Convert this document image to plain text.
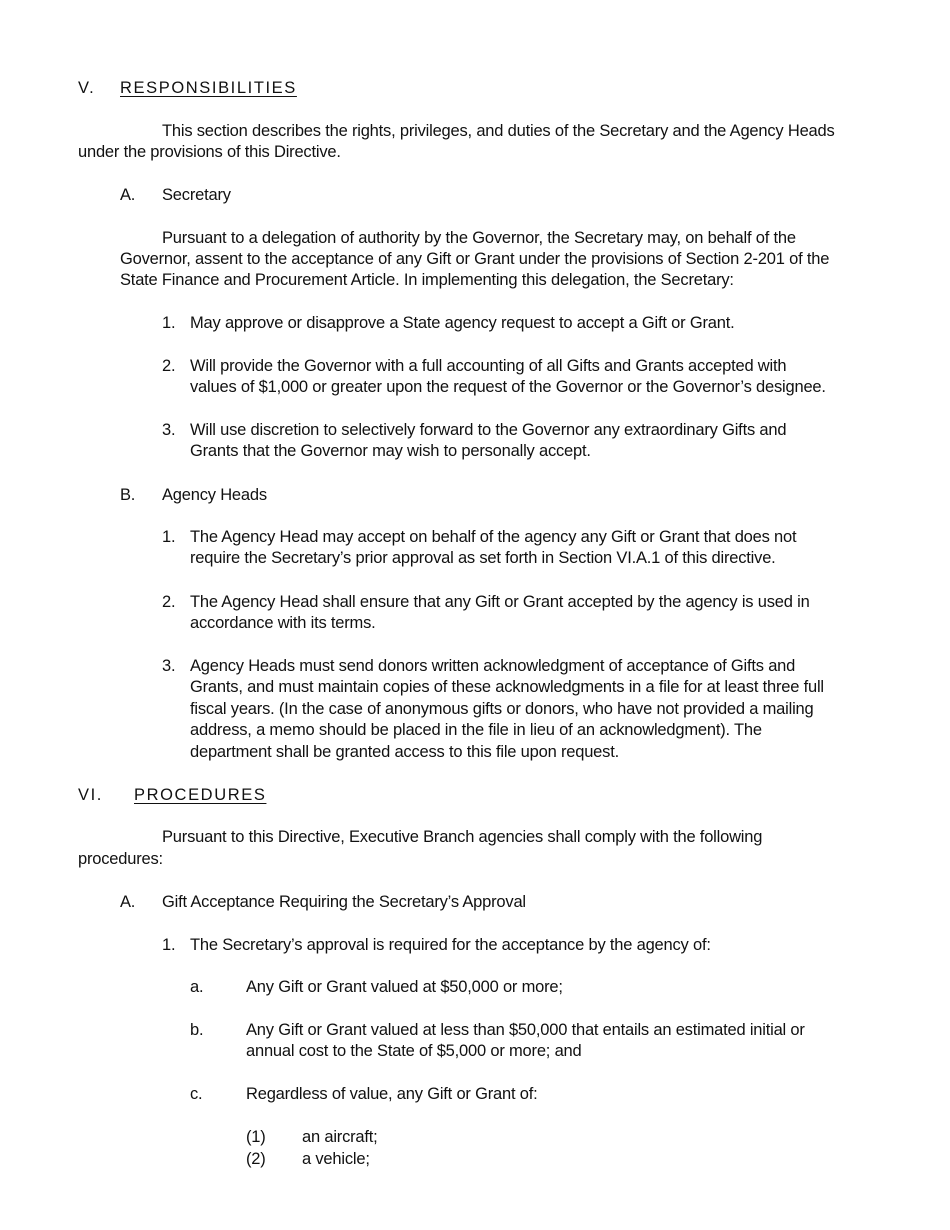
V. RESPONSIBILITIES
This section describes the rights, privileges, and duties of the Secretary and the Agency Heads
under the provisions of this Directive.
A. Secretary
Pursuant to a delegation of authority by the Governor, the Secretary may, on behalf of the
Governor, assent to the acceptance of any Gift or Grant under the provisions of Section 2-201 of the
State Finance and Procurement Article. In implementing this delegation, the Secretary:
1. May approve or disapprove a State agency request to accept a Gift or Grant.
2. Will provide the Governor with a full accounting of all Gifts and Grants accepted with
values of $1,000 or greater upon the request of the Governor or the Governor’s designee.
3. Will use discretion to selectively forward to the Governor any extraordinary Gifts and
Grants that the Governor may wish to personally accept.
B. Agency Heads
1. The Agency Head may accept on behalf of the agency any Gift or Grant that does not
require the Secretary’s prior approval as set forth in Section VI.A.1 of this directive.
2. The Agency Head shall ensure that any Gift or Grant accepted by the agency is used in
accordance with its terms.
3. Agency Heads must send donors written acknowledgment of acceptance of Gifts and
Grants, and must maintain copies of these acknowledgments in a file for at least three full
fiscal years. (In the case of anonymous gifts or donors, who have not provided a mailing
address, a memo should be placed in the file in lieu of an acknowledgment). The
department shall be granted access to this file upon request.
VI. PROCEDURES
Pursuant to this Directive, Executive Branch agencies shall comply with the following
procedures:
A. Gift Acceptance Requiring the Secretary’s Approval
1. The Secretary’s approval is required for the acceptance by the agency of:
a.	Any Gift or Grant valued at $50,000 or more;
b.	Any Gift or Grant valued at less than $50,000 that entails an estimated initial or
annual cost to the State of $5,000 or more; and
c.	Regardless of value, any Gift or Grant of:
(1) an aircraft;
(2) a vehicle;
